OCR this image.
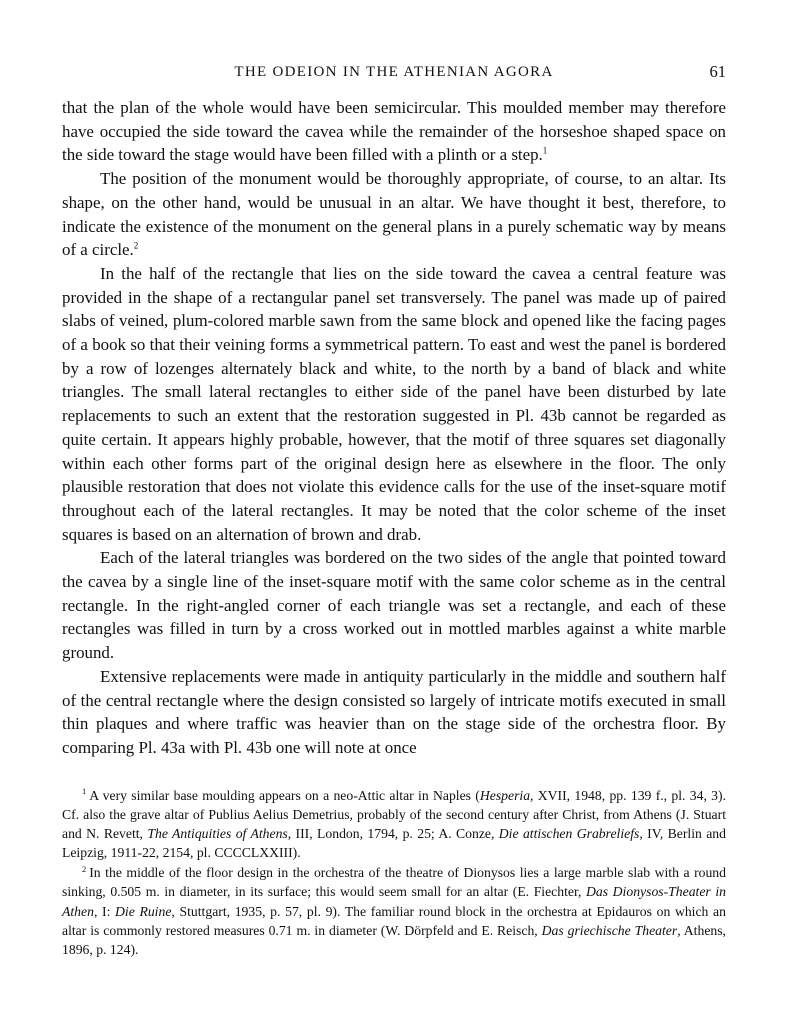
THE ODEION IN THE ATHENIAN AGORA	61

that the plan of the whole would have been semicircular. This moulded member may therefore have occupied the side toward the cavea while the remainder of the horseshoe shaped space on the side toward the stage would have been filled with a plinth or a step.$^1$

The position of the monument would be thoroughly appropriate, of course, to an altar. Its shape, on the other hand, would be unusual in an altar. We have thought it best, therefore, to indicate the existence of the monument on the general plans in a purely schematic way by means of a circle.$^2$

In the half of the rectangle that lies on the side toward the cavea a central feature was provided in the shape of a rectangular panel set transversely. The panel was made up of paired slabs of veined, plum-colored marble sawn from the same block and opened like the facing pages of a book so that their veining forms a symmetrical pattern. To east and west the panel is bordered by a row of lozenges alternately black and white, to the north by a band of black and white triangles. The small lateral rectangles to either side of the panel have been disturbed by late replacements to such an extent that the restoration suggested in Pl. 43b cannot be regarded as quite certain. It appears highly probable, however, that the motif of three squares set diagonally within each other forms part of the original design here as elsewhere in the floor. The only plausible restoration that does not violate this evidence calls for the use of the inset-square motif throughout each of the lateral rectangles. It may be noted that the color scheme of the inset squares is based on an alternation of brown and drab.

Each of the lateral triangles was bordered on the two sides of the angle that pointed toward the cavea by a single line of the inset-square motif with the same color scheme as in the central rectangle. In the right-angled corner of each triangle was set a rectangle, and each of these rectangles was filled in turn by a cross worked out in mottled marbles against a white marble ground.

Extensive replacements were made in antiquity particularly in the middle and southern half of the central rectangle where the design consisted so largely of intricate motifs executed in small thin plaques and where traffic was heavier than on the stage side of the orchestra floor. By comparing Pl. 43a with Pl. 43b one will note at once

$^1$ A very similar base moulding appears on a neo-Attic altar in Naples (Hesperia, XVII, 1948, pp. 139 f., pl. 34, 3). Cf. also the grave altar of Publius Aelius Demetrius, probably of the second century after Christ, from Athens (J. Stuart and N. Revett, The Antiquities of Athens, III, London, 1794, p. 25; A. Conze, Die attischen Grabreliefs, IV, Berlin and Leipzig, 1911-22, 2154, pl. CCCCLXXIII).

$^2$ In the middle of the floor design in the orchestra of the theatre of Dionysos lies a large marble slab with a round sinking, 0.505 m. in diameter, in its surface; this would seem small for an altar (E. Fiechter, Das Dionysos-Theater in Athen, I: Die Ruine, Stuttgart, 1935, p. 57, pl. 9). The familiar round block in the orchestra at Epidauros on which an altar is commonly restored measures 0.71 m. in diameter (W. Dörpfeld and E. Reisch, Das griechische Theater, Athens, 1896, p. 124).
